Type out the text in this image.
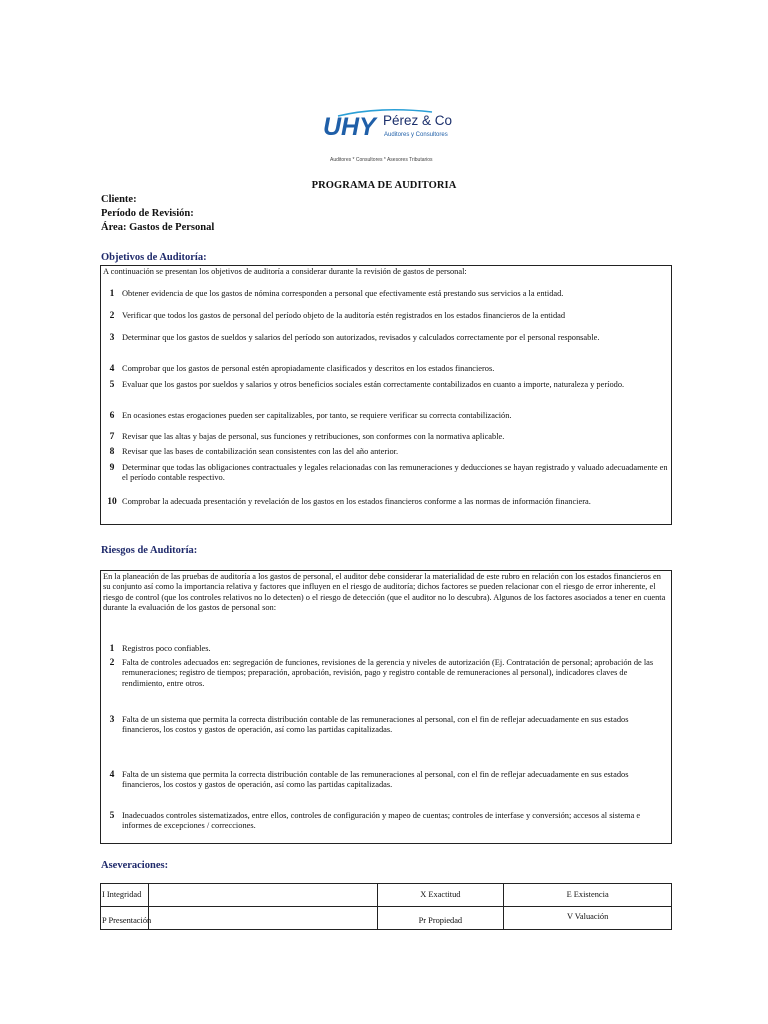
UHY Pérez & Co
Auditores y Consultores
Auditores * Consultores * Asesores Tributarios
PROGRAMA DE AUDITORIA
Cliente:
Período de Revisión:
Área: Gastos de Personal
Objetivos de Auditoría:
A continuación se presentan los objetivos de auditoría a considerar durante la revisión de gastos de personal:
1 Obtener evidencia de que los gastos de nómina corresponden a personal que efectivamente está prestando sus servicios a la entidad.
2 Verificar que todos los gastos de personal del período objeto de la auditoría estén registrados en los estados financieros de la entidad
3 Determinar que los gastos de sueldos y salarios del período son autorizados, revisados y calculados correctamente por el personal responsable.
4 Comprobar que los gastos de personal estén apropiadamente clasificados y descritos en los estados financieros.
5 Evaluar que los gastos por sueldos y salarios y otros beneficios sociales están correctamente contabilizados en cuanto a importe, naturaleza y período.
6 En ocasiones estas erogaciones pueden ser capitalizables, por tanto, se requiere verificar su correcta contabilización.
7 Revisar que las altas y bajas de personal, sus funciones y retribuciones, son conformes con la normativa aplicable.
8 Revisar que las bases de contabilización sean consistentes con las del año anterior.
9 Determinar que todas las obligaciones contractuales y legales relacionadas con las remuneraciones y deducciones se hayan registrado y valuado adecuadamente en el período contable respectivo.
10 Comprobar la adecuada presentación y revelación de los gastos en los estados financieros conforme a las normas de información financiera.
Riesgos de Auditoría:
En la planeación de las pruebas de auditoría a los gastos de personal, el auditor debe considerar la materialidad de este rubro en relación con los estados financieros en su conjunto así como la importancia relativa y factores que influyen en el riesgo de auditoría; dichos factores se pueden relacionar con el riesgo de error inherente, el riesgo de control (que los controles relativos no lo detecten) o el riesgo de detección (que el auditor no lo descubra). Algunos de los factores asociados a tener en cuenta durante la evaluación de los gastos de personal son:
1 Registros poco confiables.
2 Falta de controles adecuados en: segregación de funciones, revisiones de la gerencia y niveles de autorización (Ej. Contratación de personal; aprobación de las remuneraciones; registro de tiempos; preparación, aprobación, revisión, pago y registro contable de remuneraciones al personal), indicadores claves de rendimiento, entre otros.
3 Falta de un sistema que permita la correcta distribución contable de las remuneraciones al personal, con el fin de reflejar adecuadamente en sus estados financieros, los costos y gastos de operación, así como las partidas capitalizadas.
4 Falta de un sistema que permita la correcta distribución contable de las remuneraciones al personal, con el fin de reflejar adecuadamente en sus estados financieros, los costos y gastos de operación, así como las partidas capitalizadas.
5 Inadecuados controles sistematizados, entre ellos, controles de configuración y mapeo de cuentas; controles de interfase y conversión; accesos al sistema e informes de excepciones / correcciones.
Aseveraciones:
I Integridad		X Exactitud	E Existencia

P Presentación		Pr Propiedad	V Valuación
